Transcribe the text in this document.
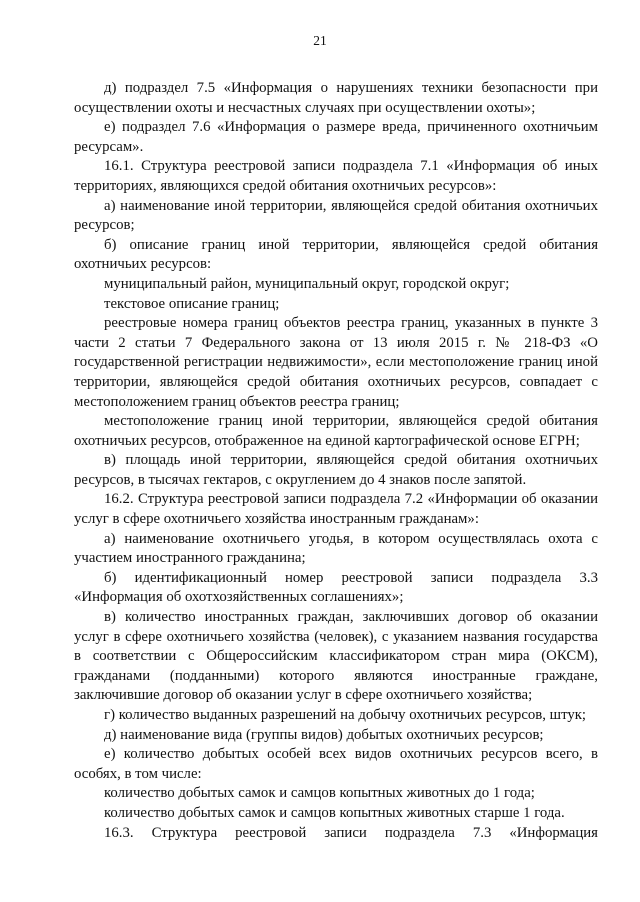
21

д) подраздел 7.5 «Информация о нарушениях техники безопасности при осуществлении охоты и несчастных случаях при осуществлении охоты»;

е) подраздел 7.6 «Информация о размере вреда, причиненного охотничьим ресурсам».

16.1. Структура реестровой записи подраздела 7.1 «Информация об иных территориях, являющихся средой обитания охотничьих ресурсов»:

а) наименование иной территории, являющейся средой обитания охотничьих ресурсов;

б) описание границ иной территории, являющейся средой обитания охотничьих ресурсов:

муниципальный район, муниципальный округ, городской округ;

текстовое описание границ;

реестровые номера границ объектов реестра границ, указанных в пункте 3 части 2 статьи 7 Федерального закона от 13 июля 2015 г. № 218-ФЗ «О государственной регистрации недвижимости», если местоположение границ иной территории, являющейся средой обитания охотничьих ресурсов, совпадает с местоположением границ объектов реестра границ;

местоположение границ иной территории, являющейся средой обитания охотничьих ресурсов, отображенное на единой картографической основе ЕГРН;

в) площадь иной территории, являющейся средой обитания охотничьих ресурсов, в тысячах гектаров, с округлением до 4 знаков после запятой.

16.2. Структура реестровой записи подраздела 7.2 «Информации об оказании услуг в сфере охотничьего хозяйства иностранным гражданам»:

а) наименование охотничьего угодья, в котором осуществлялась охота с участием иностранного гражданина;

б) идентификационный номер реестровой записи подраздела 3.3 «Информация об охотхозяйственных соглашениях»;

в) количество иностранных граждан, заключивших договор об оказании услуг в сфере охотничьего хозяйства (человек), с указанием названия государства в соответствии с Общероссийским классификатором стран мира (ОКСМ), гражданами (подданными) которого являются иностранные граждане, заключившие договор об оказании услуг в сфере охотничьего хозяйства;

г) количество выданных разрешений на добычу охотничьих ресурсов, штук;

д) наименование вида (группы видов) добытых охотничьих ресурсов;

е) количество добытых особей всех видов охотничьих ресурсов всего, в особях, в том числе:

количество добытых самок и самцов копытных животных до 1 года;

количество добытых самок и самцов копытных животных старше 1 года.

16.3. Структура реестровой записи подраздела 7.3 «Информация
